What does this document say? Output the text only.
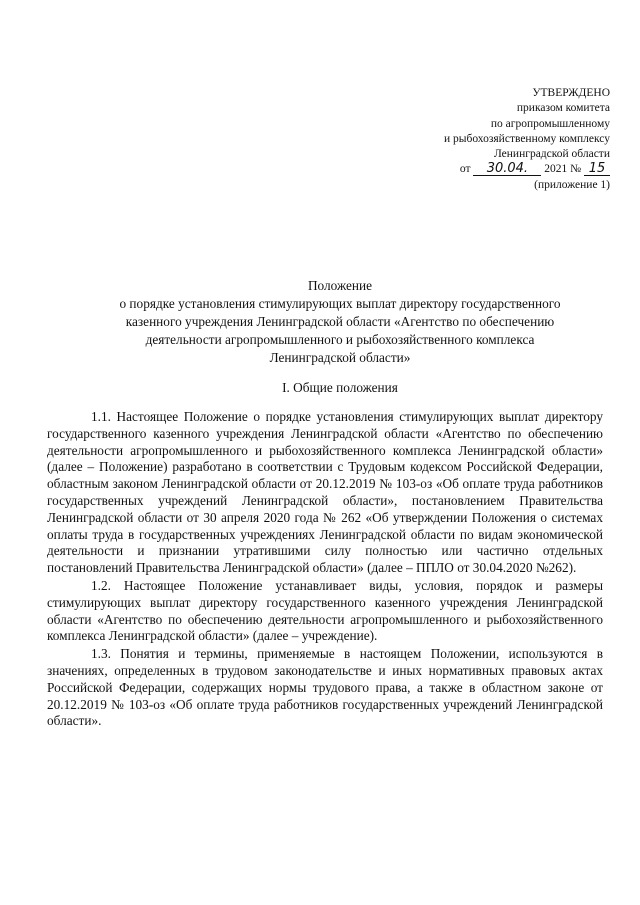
УТВЕРЖДЕНО
приказом комитета
по агропромышленному
и рыбохозяйственному комплексу
Ленинградской области
от 30.04. 2021 № 15
(приложение 1)
Положение
о порядке установления стимулирующих выплат директору государственного
казенного учреждения Ленинградской области «Агентство по обеспечению
деятельности агропромышленного и рыбохозяйственного комплекса
Ленинградской области»
I. Общие положения

1.1. Настоящее Положение о порядке установления стимулирующих выплат директору государственного казенного учреждения Ленинградской области «Агентство по обеспечению деятельности агропромышленного и рыбохозяйственного комплекса Ленинградской области» (далее – Положение) разработано в соответствии с Трудовым кодексом Российской Федерации, областным законом Ленинградской области от 20.12.2019 № 103-оз «Об оплате труда работников государственных учреждений Ленинградской области», постановлением Правительства Ленинградской области от 30 апреля 2020 года № 262 «Об утверждении Положения о системах оплаты труда в государственных учреждениях Ленинградской области по видам экономической деятельности и признании утратившими силу полностью или частично отдельных постановлений Правительства Ленинградской области» (далее – ППЛО от 30.04.2020 №262).

1.2. Настоящее Положение устанавливает виды, условия, порядок и размеры стимулирующих выплат директору государственного казенного учреждения Ленинградской области «Агентство по обеспечению деятельности агропромышленного и рыбохозяйственного комплекса Ленинградской области» (далее – учреждение).

1.3. Понятия и термины, применяемые в настоящем Положении, используются в значениях, определенных в трудовом законодательстве и иных нормативных правовых актах Российской Федерации, содержащих нормы трудового права, а также в областном законе от 20.12.2019 № 103-оз «Об оплате труда работников государственных учреждений Ленинградской области».
